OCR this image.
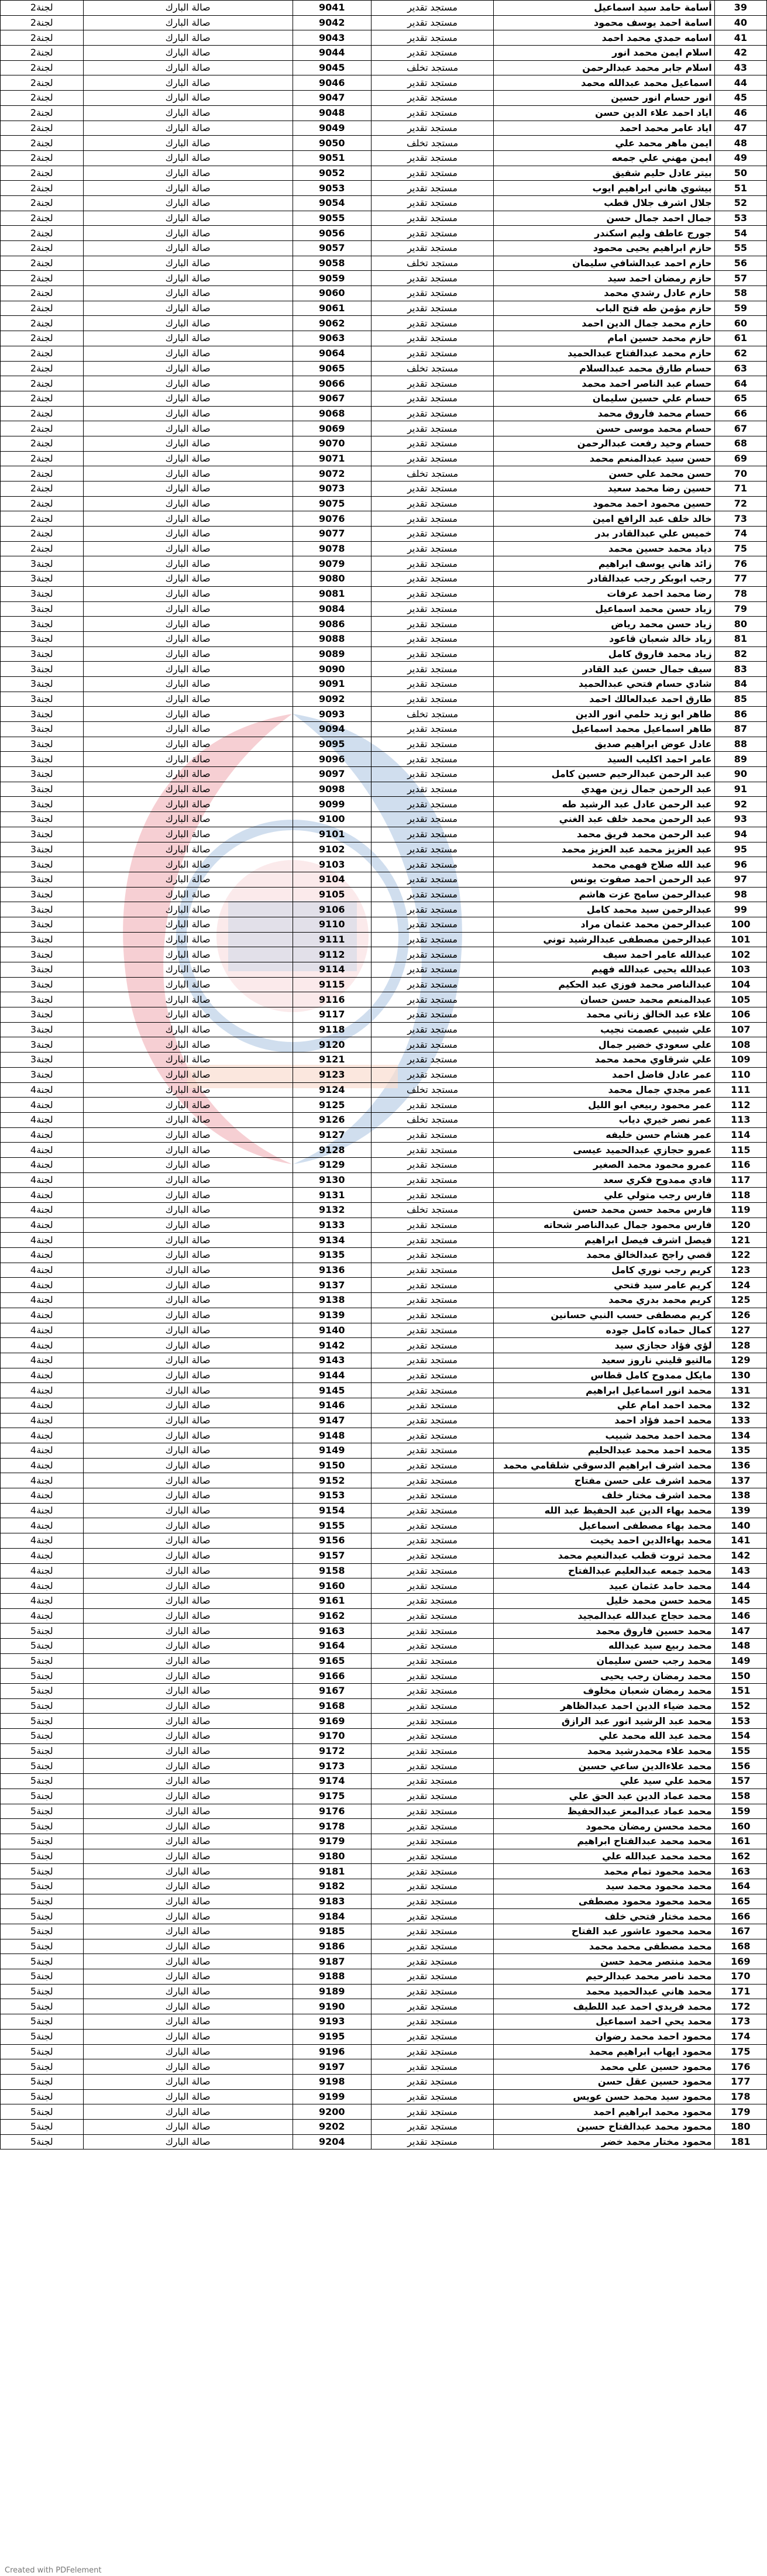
لجنة2	صالة البارك	9041	مستجد تقدير	أسامة حامد سيد اسماعيل	39
لجنة2	صالة البارك	9042	مستجد تقدير	اسامة احمد يوسف محمود	40
لجنة2	صالة البارك	9043	مستجد تقدير	اسامه حمدي محمد احمد	41
لجنة2	صالة البارك	9044	مستجد تقدير	اسلام ايمن محمد انور	42
لجنة2	صالة البارك	9045	مستجد تخلف	اسلام جابر محمد عبدالرحمن	43
لجنة2	صالة البارك	9046	مستجد تقدير	اسماعيل محمد عبدالله محمد	44
لجنة2	صالة البارك	9047	مستجد تقدير	انور حسام انور حسين	45
لجنة2	صالة البارك	9048	مستجد تقدير	اياد احمد علاء الدين حسن	46
لجنة2	صالة البارك	9049	مستجد تقدير	اياد عامر محمد احمد	47
لجنة2	صالة البارك	9050	مستجد تخلف	ايمن ماهر محمد علي	48
لجنة2	صالة البارك	9051	مستجد تقدير	ايمن مهني علي جمعه	49
لجنة2	صالة البارك	9052	مستجد تقدير	بيتر عادل حليم شفيق	50
لجنة2	صالة البارك	9053	مستجد تقدير	بيشوي هاني ابراهيم ايوب	51
لجنة2	صالة البارك	9054	مستجد تقدير	جلال اشرف جلال قطب	52
لجنة2	صالة البارك	9055	مستجد تقدير	جمال احمد جمال حسن	53
لجنة2	صالة البارك	9056	مستجد تقدير	جورج عاطف وليم اسكندر	54
لجنة2	صالة البارك	9057	مستجد تقدير	حازم ابراهيم يحيى محمود	55
لجنة2	صالة البارك	9058	مستجد تخلف	حازم احمد عبدالشافي سليمان	56
لجنة2	صالة البارك	9059	مستجد تقدير	حازم رمضان احمد سيد	57
لجنة2	صالة البارك	9060	مستجد تقدير	حازم عادل رشدي محمد	58
لجنة2	صالة البارك	9061	مستجد تقدير	حازم مؤمن طه فتح الباب	59
لجنة2	صالة البارك	9062	مستجد تقدير	حازم محمد جمال الدين احمد	60
لجنة2	صالة البارك	9063	مستجد تقدير	حازم محمد حسين امام	61
لجنة2	صالة البارك	9064	مستجد تقدير	حازم محمد عبدالفتاح عبدالحميد	62
لجنة2	صالة البارك	9065	مستجد تخلف	حسام طارق محمد عبدالسلام	63
لجنة2	صالة البارك	9066	مستجد تقدير	حسام عبد الناصر احمد محمد	64
لجنة2	صالة البارك	9067	مستجد تقدير	حسام علي حسين سليمان	65
لجنة2	صالة البارك	9068	مستجد تقدير	حسام محمد فاروق محمد	66
لجنة2	صالة البارك	9069	مستجد تقدير	حسام محمد موسى حسن	67
لجنة2	صالة البارك	9070	مستجد تقدير	حسام وحيد رفعت عبدالرحمن	68
لجنة2	صالة البارك	9071	مستجد تقدير	حسن سيد عبدالمنعم محمد	69
لجنة2	صالة البارك	9072	مستجد تخلف	حسن محمد علي حسن	70
لجنة2	صالة البارك	9073	مستجد تقدير	حسين رضا محمد سعيد	71
لجنة2	صالة البارك	9075	مستجد تقدير	حسين محمود احمد محمود	72
لجنة2	صالة البارك	9076	مستجد تقدير	خالد خلف عبد الرافع امين	73
لجنة2	صالة البارك	9077	مستجد تقدير	خميس علي عبدالقادر بدر	74
لجنة2	صالة البارك	9078	مستجد تقدير	دياد محمد حسين محمد	75
لجنة3	صالة البارك	9079	مستجد تقدير	زائد هاني يوسف ابراهيم	76
لجنة3	صالة البارك	9080	مستجد تقدير	رجب ابوبكر رجب عبدالقادر	77
لجنة3	صالة البارك	9081	مستجد تقدير	رضا محمد احمد عرفات	78
لجنة3	صالة البارك	9084	مستجد تقدير	زياد حسن محمد اسماعيل	79
لجنة3	صالة البارك	9086	مستجد تقدير	زياد حسن محمد رياض	80
لجنة3	صالة البارك	9088	مستجد تقدير	زياد خالد شعبان قاعود	81
لجنة3	صالة البارك	9089	مستجد تقدير	زياد محمد فاروق كامل	82
لجنة3	صالة البارك	9090	مستجد تقدير	سيف جمال حسن عبد القادر	83
لجنة3	صالة البارك	9091	مستجد تقدير	شادي حسام فتحي عبدالحميد	84
لجنة3	صالة البارك	9092	مستجد تقدير	طارق احمد عبدالعالك احمد	85
لجنة3	صالة البارك	9093	مستجد تخلف	طاهر ابو زيد حلمي انور الدين	86
لجنة3	صالة البارك	9094	مستجد تقدير	طاهر اسماعيل محمد اسماعيل	87
لجنة3	صالة البارك	9095	مستجد تقدير	عادل عوض ابراهيم صديق	88
لجنة3	صالة البارك	9096	مستجد تقدير	عامر احمد اكليب السيد	89
لجنة3	صالة البارك	9097	مستجد تقدير	عبد الرحمن عبدالرحيم حسين كامل	90
لجنة3	صالة البارك	9098	مستجد تقدير	عبد الرحمن جمال زين مهدي	91
لجنة3	صالة البارك	9099	مستجد تقدير	عبد الرحمن عادل عبد الرشيد طه	92
لجنة3	صالة البارك	9100	مستجد تقدير	عبد الرحمن محمد خلف عبد الغني	93
لجنة3	صالة البارك	9101	مستجد تقدير	عبد الرحمن محمد فريق محمد	94
لجنة3	صالة البارك	9102	مستجد تقدير	عبد العزيز محمد عبد العزيز محمد	95
لجنة3	صالة البارك	9103	مستجد تقدير	عبد الله صلاح فهمي محمد	96
لجنة3	صالة البارك	9104	مستجد تقدير	عبد الرحمن احمد صفوت يونس	97
لجنة3	صالة البارك	9105	مستجد تقدير	عبدالرحمن سامح عزت هاشم	98
لجنة3	صالة البارك	9106	مستجد تقدير	عبدالرحمن سيد محمد كامل	99
لجنة3	صالة البارك	9110	مستجد تقدير	عبدالرحمن محمد عثمان مراد	100
لجنة3	صالة البارك	9111	مستجد تقدير	عبدالرحمن مصطفى عبدالرشيد توني	101
لجنة3	صالة البارك	9112	مستجد تقدير	عبدالله عامر احمد سيف	102
لجنة3	صالة البارك	9114	مستجد تقدير	عبدالله يحيى عبدالله فهيم	103
لجنة3	صالة البارك	9115	مستجد تقدير	عبدالناصر محمد فوزي عبد الحكيم	104
لجنة3	صالة البارك	9116	مستجد تقدير	عبدالمنعم محمد حسن حسان	105
لجنة3	صالة البارك	9117	مستجد تقدير	علاء عبد الخالق زناتي محمد	106
لجنة3	صالة البارك	9118	مستجد تقدير	علي شيبي عصمت نجيب	107
لجنة3	صالة البارك	9120	مستجد تقدير	علي سعودي خضير جمال	108
لجنة3	صالة البارك	9121	مستجد تقدير	علي شرقاوي محمد محمد	109
لجنة3	صالة البارك	9123	مستجد تقدير	عمر عادل فاضل احمد	110
لجنة4	صالة البارك	9124	مستجد تخلف	عمر مجدي جمال محمد	111
لجنة4	صالة البارك	9125	مستجد تقدير	عمر محمود ربيعي ابو الليل	112
لجنة4	صالة البارك	9126	مستجد تخلف	عمر نصر خيري دياب	113
لجنة4	صالة البارك	9127	مستجد تقدير	عمر هشام حسن خليفه	114
لجنة4	صالة البارك	9128	مستجد تقدير	عمرو حجازي عبدالحميد عيسى	115
لجنة4	صالة البارك	9129	مستجد تقدير	عمرو محمود محمد الصغير	116
لجنة4	صالة البارك	9130	مستجد تقدير	فادي ممدوح فكري سعد	117
لجنة4	صالة البارك	9131	مستجد تقدير	فارس رجب متولي علي	118
لجنة4	صالة البارك	9132	مستجد تخلف	فارس محمد حسن محمد حسن	119
لجنة4	صالة البارك	9133	مستجد تقدير	فارس محمود جمال عبدالناصر شحاته	120
لجنة4	صالة البارك	9134	مستجد تقدير	فيصل اشرف فيصل ابراهيم	121
لجنة4	صالة البارك	9135	مستجد تقدير	قصي راجح عبدالخالق محمد	122
لجنة4	صالة البارك	9136	مستجد تقدير	كريم رجب نوري كامل	123
لجنة4	صالة البارك	9137	مستجد تقدير	كريم عامر سيد فتحي	124
لجنة4	صالة البارك	9138	مستجد تقدير	كريم محمد بدري محمد	125
لجنة4	صالة البارك	9139	مستجد تقدير	كريم مصطفى حسب النبي حسانين	126
لجنة4	صالة البارك	9140	مستجد تقدير	كمال حماده كامل جوده	127
لجنة4	صالة البارك	9142	مستجد تقدير	لؤي فؤاد حجازي سيد	128
لجنة4	صالة البارك	9143	مستجد تقدير	مالتيو قليني ناروز سعيد	129
لجنة4	صالة البارك	9144	مستجد تقدير	مايكل ممدوح كامل قطاس	130
لجنة4	صالة البارك	9145	مستجد تقدير	محمد انور اسماعيل ابراهيم	131
لجنة4	صالة البارك	9146	مستجد تقدير	محمد احمد امام علي	132
لجنة4	صالة البارك	9147	مستجد تقدير	محمد احمد فؤاد احمد	133
لجنة4	صالة البارك	9148	مستجد تقدير	محمد احمد محمد شبيب	134
لجنة4	صالة البارك	9149	مستجد تقدير	محمد احمد محمد عبدالحليم	135
لجنة4	صالة البارك	9150	مستجد تقدير	محمد اشرف ابراهيم الدسوقي شلقامي محمد	136
لجنة4	صالة البارك	9152	مستجد تقدير	محمد اشرف على حسن مفتاح	137
لجنة4	صالة البارك	9153	مستجد تقدير	محمد اشرف مختار خلف	138
لجنة4	صالة البارك	9154	مستجد تقدير	محمد بهاء الدين عبد الحفيظ عبد الله	139
لجنة4	صالة البارك	9155	مستجد تقدير	محمد بهاء مصطفى اسماعيل	140
لجنة4	صالة البارك	9156	مستجد تقدير	محمد بهاءالدين احمد يخيت	141
لجنة4	صالة البارك	9157	مستجد تقدير	محمد ثروت قطب عبدالنعيم محمد	142
لجنة4	صالة البارك	9158	مستجد تقدير	محمد جمعه عبدالعليم عبدالفتاح	143
لجنة4	صالة البارك	9160	مستجد تقدير	محمد حامد عثمان عبيد	144
لجنة4	صالة البارك	9161	مستجد تقدير	محمد حسن محمد خليل	145
لجنة4	صالة البارك	9162	مستجد تقدير	محمد حجاج عبدالله عبدالمجيد	146
لجنة5	صالة البارك	9163	مستجد تقدير	محمد حسين فاروق محمد	147
لجنة5	صالة البارك	9164	مستجد تقدير	محمد ربيع سيد عبدالله	148
لجنة5	صالة البارك	9165	مستجد تقدير	محمد رجب حسن سليمان	149
لجنة5	صالة البارك	9166	مستجد تقدير	محمد رمضان رجب يحيى	150
لجنة5	صالة البارك	9167	مستجد تقدير	محمد رمضان شعبان مخلوف	151
لجنة5	صالة البارك	9168	مستجد تقدير	محمد ضياء الدين احمد عبدالظاهر	152
لجنة5	صالة البارك	9169	مستجد تقدير	محمد عبد الرشيد انور عبد الرازق	153
لجنة5	صالة البارك	9170	مستجد تقدير	محمد عبد الله محمد علي	154
لجنة5	صالة البارك	9172	مستجد تقدير	محمد علاء محمدرشيد محمد	155
لجنة5	صالة البارك	9173	مستجد تقدير	محمد علاءالدين ساعي حسين	156
لجنة5	صالة البارك	9174	مستجد تقدير	محمد علي سيد علي	157
لجنة5	صالة البارك	9175	مستجد تقدير	محمد عماد الدين عبد الحق علي	158
لجنة5	صالة البارك	9176	مستجد تقدير	محمد عماد عبدالمعز عبدالحفيظ	159
لجنة5	صالة البارك	9178	مستجد تقدير	محمد محسن رمضان محمود	160
لجنة5	صالة البارك	9179	مستجد تقدير	محمد محمد عبدالفتاح ابراهيم	161
لجنة5	صالة البارك	9180	مستجد تقدير	محمد محمد عبدالله علي	162
لجنة5	صالة البارك	9181	مستجد تقدير	محمد محمود تمام محمد	163
لجنة5	صالة البارك	9182	مستجد تقدير	محمد محمود محمد سيد	164
لجنة5	صالة البارك	9183	مستجد تقدير	محمد محمود محمود مصطفى	165
لجنة5	صالة البارك	9184	مستجد تقدير	محمد مختار فتحي خلف	166
لجنة5	صالة البارك	9185	مستجد تقدير	محمد محمود عاشور عبد الفتاح	167
لجنة5	صالة البارك	9186	مستجد تقدير	محمد مصطفى محمد محمد	168
لجنة5	صالة البارك	9187	مستجد تقدير	محمد منتصر محمد حسن	169
لجنة5	صالة البارك	9188	مستجد تقدير	محمد ناصر محمد عبدالرحيم	170
لجنة5	صالة البارك	9189	مستجد تقدير	محمد هاني عبدالحميد محمد	171
لجنة5	صالة البارك	9190	مستجد تقدير	محمد فريدي احمد عبد اللطيف	172
لجنة5	صالة البارك	9193	مستجد تقدير	محمد يحي احمد اسماعيل	173
لجنة5	صالة البارك	9195	مستجد تقدير	محمود احمد محمد رضوان	174
لجنة5	صالة البارك	9196	مستجد تقدير	محمود ايهاب ابراهيم محمد	175
لجنة5	صالة البارك	9197	مستجد تقدير	محمود حسين علي محمد	176
لجنة5	صالة البارك	9198	مستجد تقدير	محمود حسين عقل حسن	177
لجنة5	صالة البارك	9199	مستجد تقدير	محمود سيد محمد حسن عويس	178
لجنة5	صالة البارك	9200	مستجد تقدير	محمود محمد ابراهيم احمد	179
لجنة5	صالة البارك	9202	مستجد تقدير	محمود محمد عبدالفتاح حسين	180
لجنة5	صالة البارك	9204	مستجد تقدير	محمود مختار محمد خضر	181
Created with PDFelement
